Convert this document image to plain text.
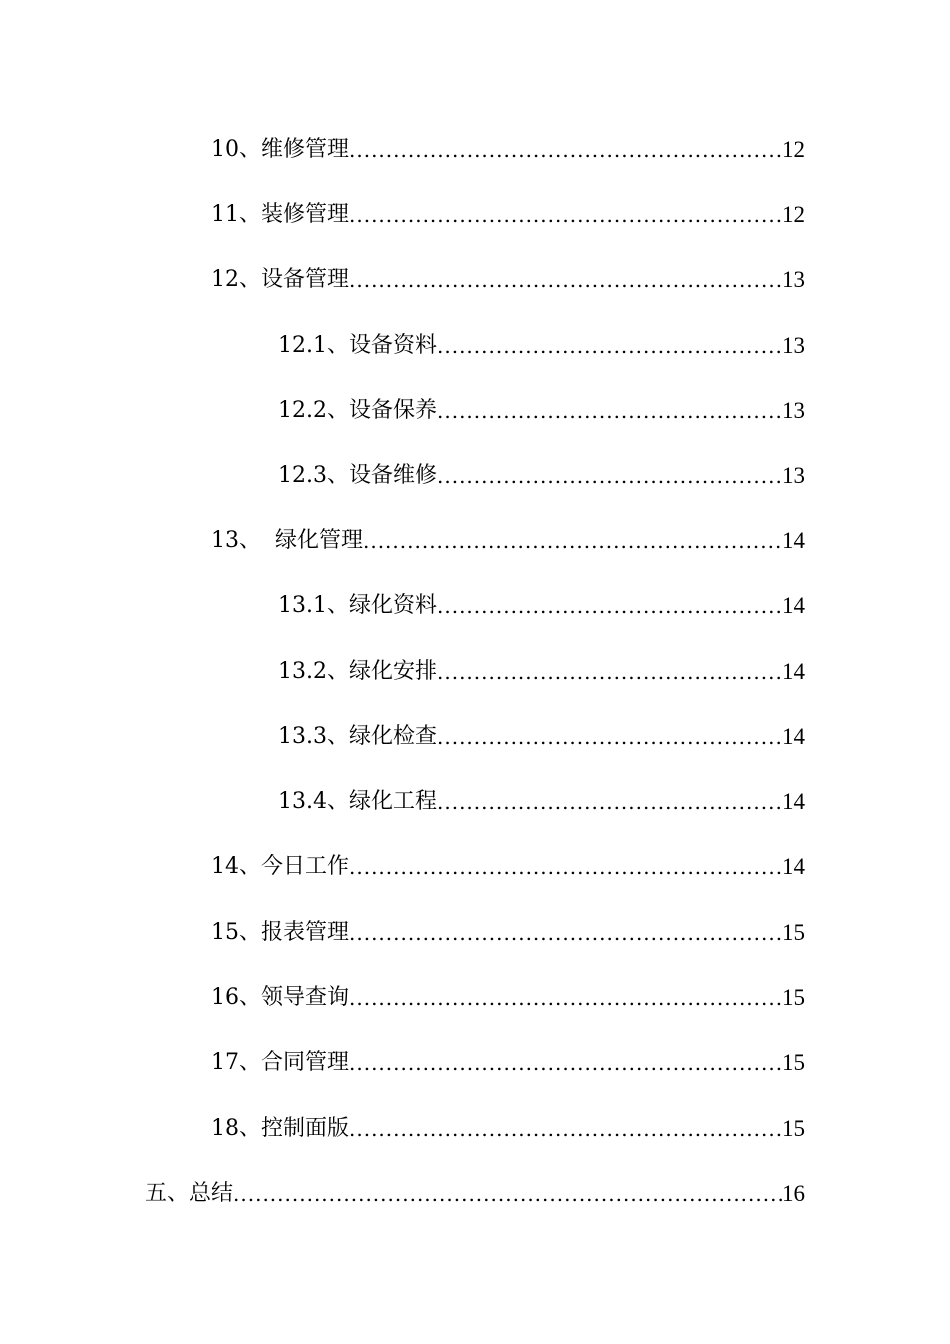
10、维修管理 .....	12
11、装修管理 .....	12
12、设备管理 .....	13
12.1、设备资料 .....	13
12.2、设备保养 .....	13
12.3、设备维修 .....	13
13、  绿化管理 .....	14
13.1、绿化资料 .....	14
13.2、绿化安排 .....	14
13.3、绿化检查 .....	14
13.4、绿化工程 .....	14
14、今日工作 .....	14
15、报表管理 .....	15
16、领导查询 .....	15
17、合同管理 .....	15
18、控制面版 .....	15
五、总结 .....	16
